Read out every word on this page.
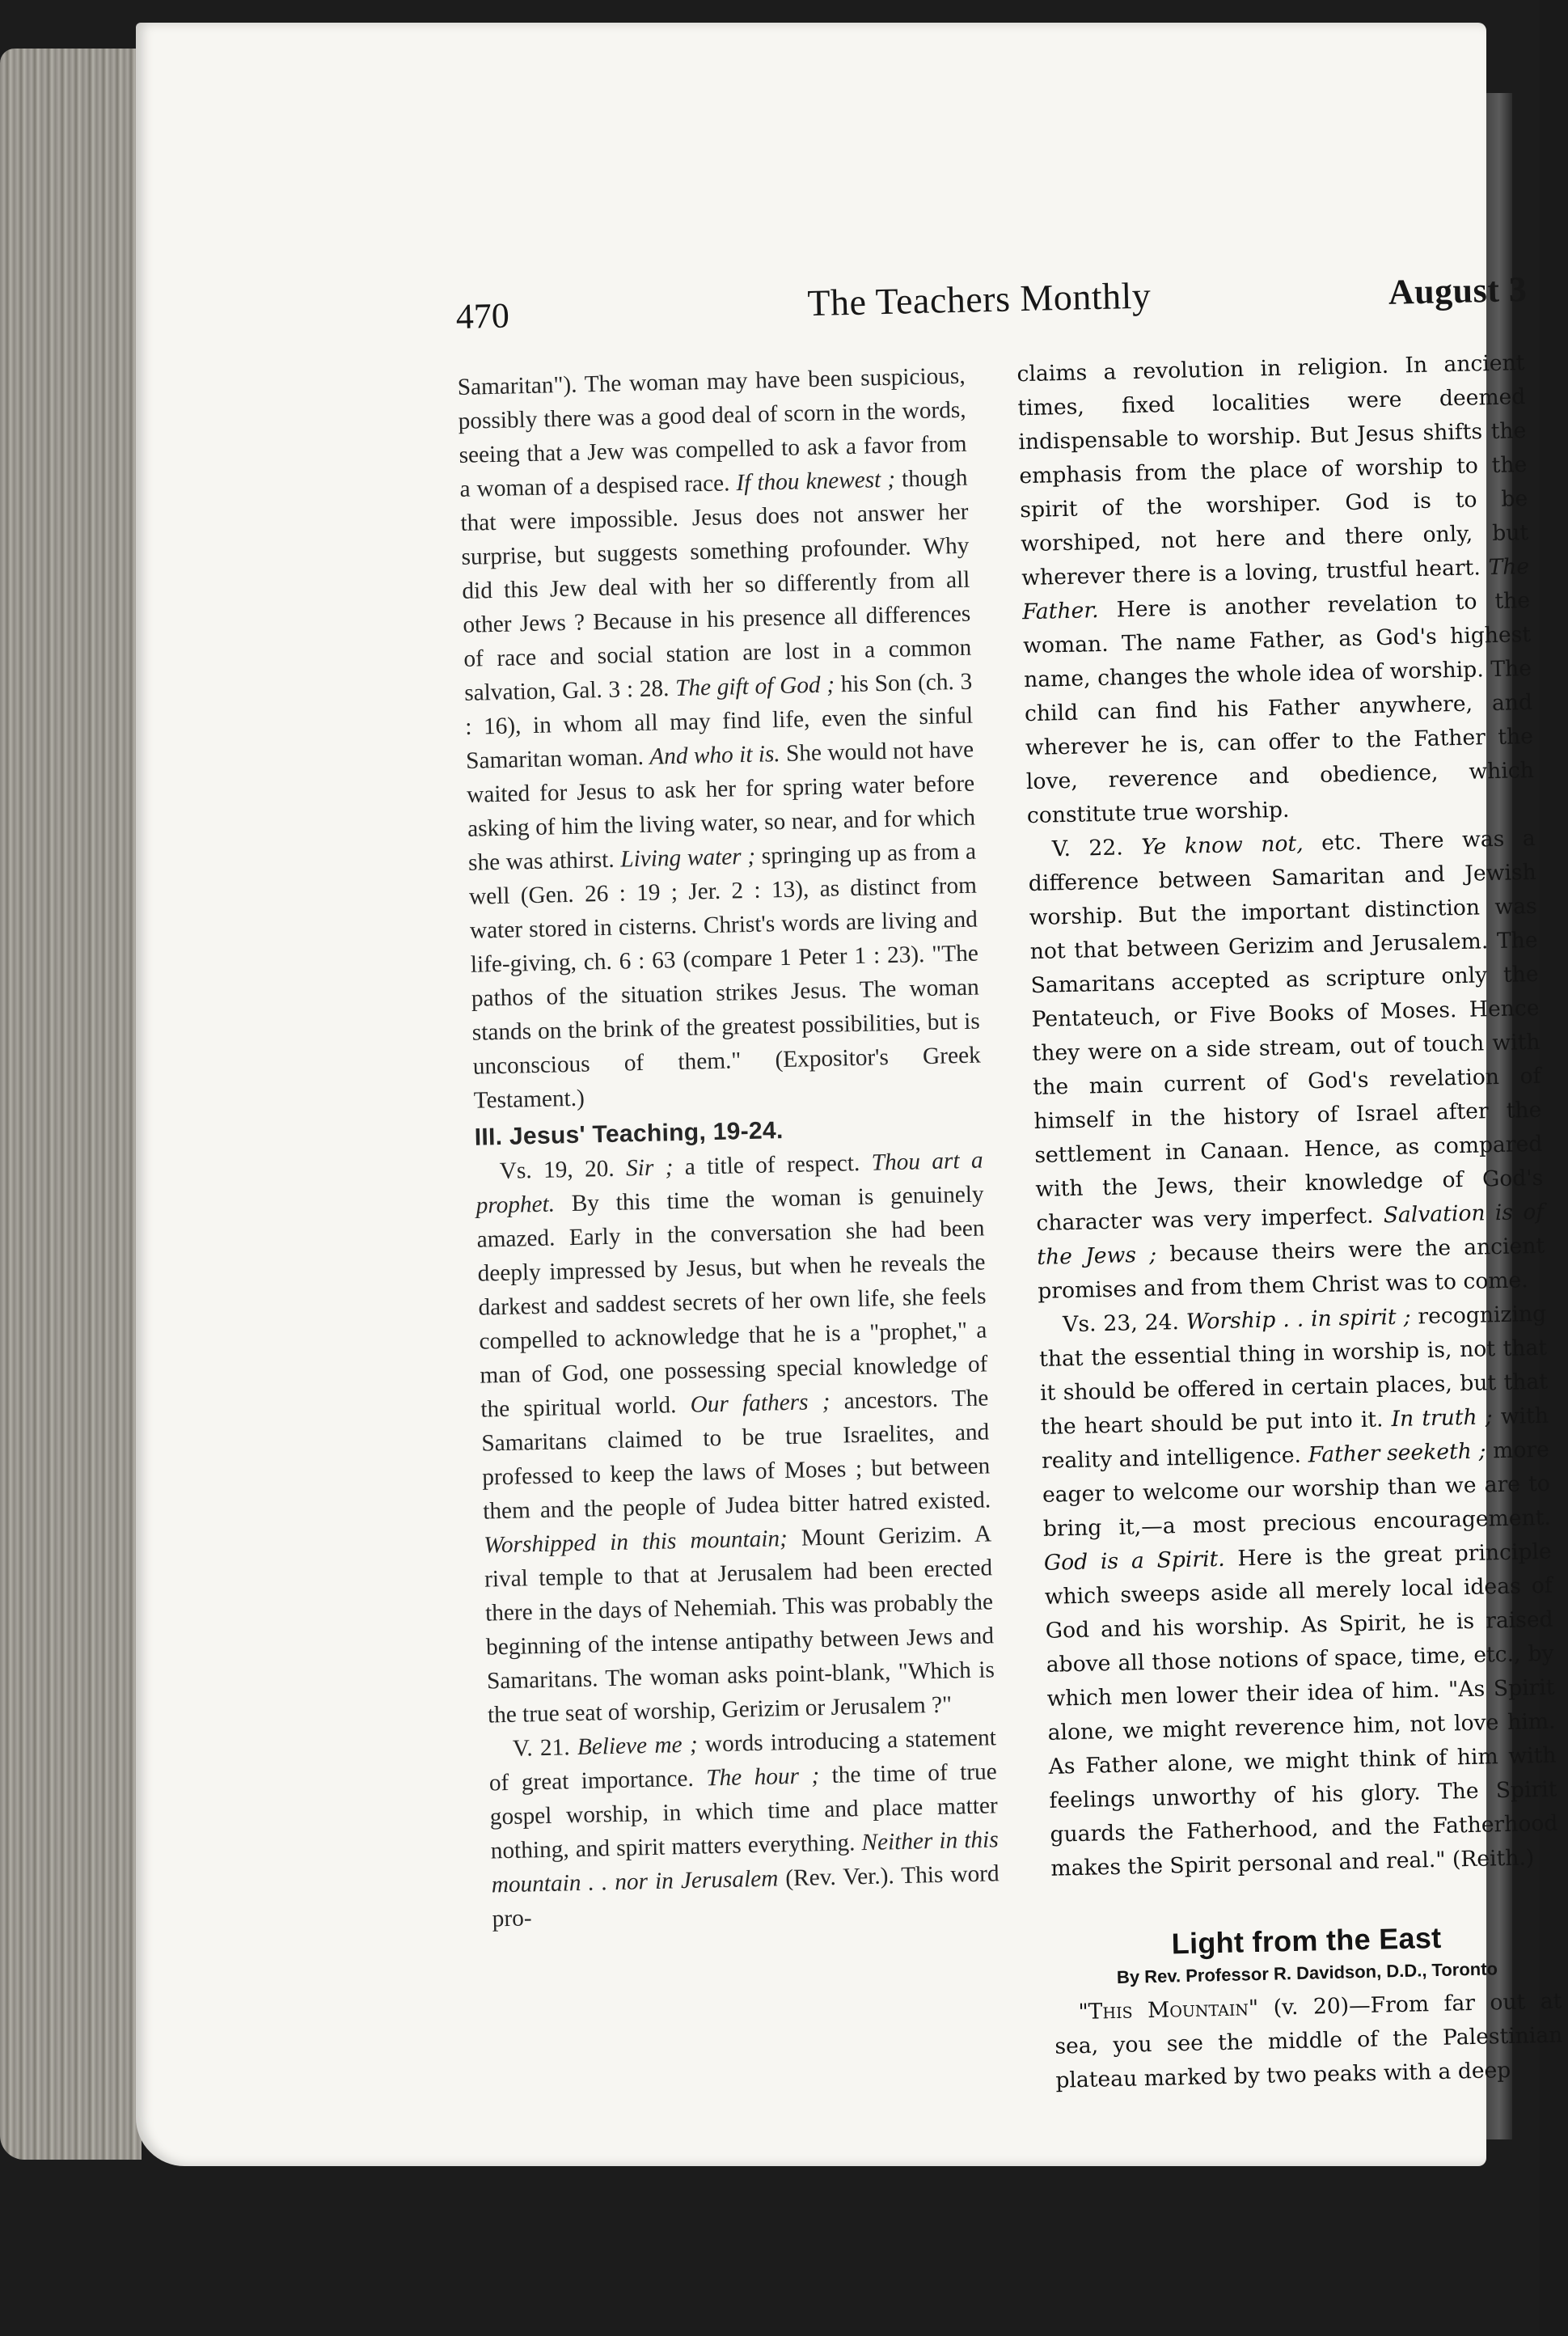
470	The Teachers Monthly	August 3

Samaritan"). The woman may have been suspicious, possibly there was a good deal of scorn in the words, seeing that a Jew was compelled to ask a favor from a woman of a despised race. If thou knewest ; though that were impossible. Jesus does not answer her surprise, but suggests something profounder. Why did this Jew deal with her so differently from all other Jews ? Because in his presence all differences of race and social station are lost in a common salvation, Gal. 3 : 28. The gift of God ; his Son (ch. 3 : 16), in whom all may find life, even the sinful Samaritan woman. And who it is. She would not have waited for Jesus to ask her for spring water before asking of him the living water, so near, and for which she was athirst. Living water ; springing up as from a well (Gen. 26 : 19 ; Jer. 2 : 13), as distinct from water stored in cisterns. Christ's words are living and life-giving, ch. 6 : 63 (compare 1 Peter 1 : 23). "The pathos of the situation strikes Jesus. The woman stands on the brink of the greatest possibilities, but is unconscious of them." (Expositor's Greek Testament.)

III. Jesus' Teaching, 19-24.

Vs. 19, 20. Sir ; a title of respect. Thou art a prophet. By this time the woman is genuinely amazed. Early in the conversation she had been deeply impressed by Jesus, but when he reveals the darkest and saddest secrets of her own life, she feels compelled to acknowledge that he is a "prophet," a man of God, one possessing special knowledge of the spiritual world. Our fathers ; ancestors. The Samaritans claimed to be true Israelites, and professed to keep the laws of Moses ; but between them and the people of Judea bitter hatred existed. Worshipped in this mountain; Mount Gerizim. A rival temple to that at Jerusalem had been erected there in the days of Nehemiah. This was probably the beginning of the intense antipathy between Jews and Samaritans. The woman asks point-blank, "Which is the true seat of worship, Gerizim or Jerusalem ?"

V. 21. Believe me ; words introducing a statement of great importance. The hour ; the time of true gospel worship, in which time and place matter nothing, and spirit matters everything. Neither in this mountain . . nor in Jerusalem (Rev. Ver.). This word pro-

claims a revolution in religion. In ancient times, fixed localities were deemed indispensable to worship. But Jesus shifts the emphasis from the place of worship to the spirit of the worshiper. God is to be worshiped, not here and there only, but wherever there is a loving, trustful heart. The Father. Here is another revelation to the woman. The name Father, as God's highest name, changes the whole idea of worship. The child can find his Father anywhere, and wherever he is, can offer to the Father the love, reverence and obedience, which constitute true worship.

V. 22. Ye know not, etc. There was a difference between Samaritan and Jewish worship. But the important distinction was not that between Gerizim and Jerusalem. The Samaritans accepted as scripture only the Pentateuch, or Five Books of Moses. Hence they were on a side stream, out of touch with the main current of God's revelation of himself in the history of Israel after the settlement in Canaan. Hence, as compared with the Jews, their knowledge of God's character was very imperfect. Salvation is of the Jews ; because theirs were the ancient promises and from them Christ was to come.

Vs. 23, 24. Worship . . in spirit ; recognizing that the essential thing in worship is, not that it should be offered in certain places, but that the heart should be put into it. In truth ; with reality and intelligence. Father seeketh ; more eager to welcome our worship than we are to bring it,—a most precious encouragement. God is a Spirit. Here is the great principle which sweeps aside all merely local ideas of God and his worship. As Spirit, he is raised above all those notions of space, time, etc., by which men lower their idea of him. "As Spirit alone, we might reverence him, not love him. As Father alone, we might think of him with feelings unworthy of his glory. The Spirit guards the Fatherhood, and the Fatherhood makes the Spirit personal and real." (Reith.)

Light from the East
By Rev. Professor R. Davidson, D.D., Toronto

"This Mountain" (v. 20)—From far out at sea, you see the middle of the Palestinian plateau marked by two peaks with a deep
